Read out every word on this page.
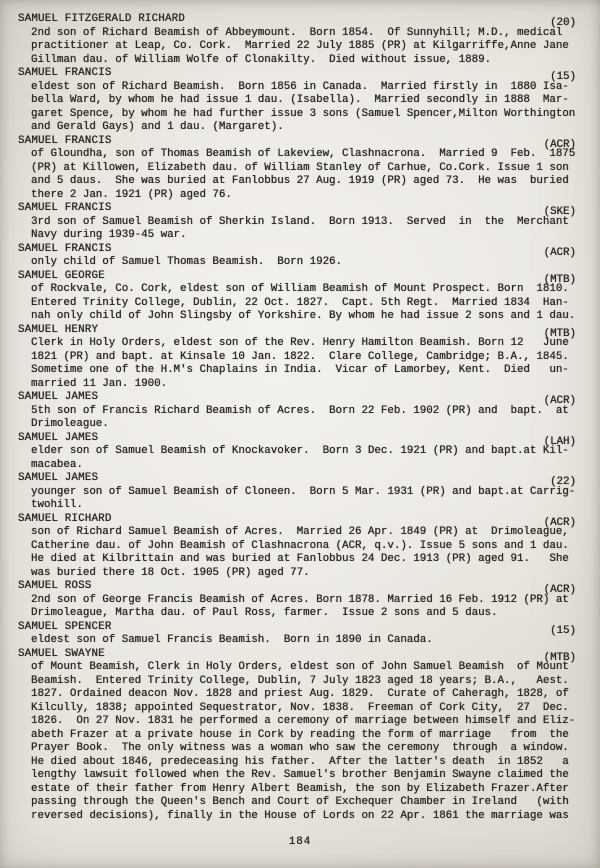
SAMUEL FITZGERALD RICHARD	(20)
2nd son of Richard Beamish of Abbeymount.  Born 1854.  Of Sunnyhill; M.D., medical
practitioner at Leap, Co. Cork.  Married 22 July 1885 (PR) at Kilgarriffe,Anne Jane
Gillman dau. of William Wolfe of Clonakilty.  Died without issue, 1889.
SAMUEL FRANCIS	(15)
eldest son of Richard Beamish.  Born 1856 in Canada.  Married firstly in  1880 Isa-
bella Ward, by whom he had issue 1 dau. (Isabella).  Married secondly in 1888  Mar-
garet Spence, by whom he had further issue 3 sons (Samuel Spencer,Milton Worthington
and Gerald Gays) and 1 dau. (Margaret).
SAMUEL FRANCIS	(ACR)
of Gloundha, son of Thomas Beamish of Lakeview, Clashnacrona.  Married 9  Feb.  1875
(PR) at Killowen, Elizabeth dau. of William Stanley of Carhue, Co.Cork. Issue 1 son
and 5 daus.  She was buried at Fanlobbus 27 Aug. 1919 (PR) aged 73.  He was  buried
there 2 Jan. 1921 (PR) aged 76.
SAMUEL FRANCIS	(SKE)
3rd son of Samuel Beamish of Sherkin Island.  Born 1913.  Served  in  the  Merchant
Navy during 1939-45 war.
SAMUEL FRANCIS	(ACR)
only child of Samuel Thomas Beamish.  Born 1926.
SAMUEL GEORGE	(MTB)
of Rockvale, Co. Cork, eldest son of William Beamish of Mount Prospect. Born  1810.
Entered Trinity College, Dublin, 22 Oct. 1827.  Capt. 5th Regt.  Married 1834  Han-
nah only child of John Slingsby of Yorkshire. By whom he had issue 2 sons and 1 dau.
SAMUEL HENRY	(MTB)
Clerk in Holy Orders, eldest son of the Rev. Henry Hamilton Beamish. Born 12   June
1821 (PR) and bapt. at Kinsale 10 Jan. 1822.  Clare College, Cambridge; B.A., 1845.
Sometime one of the H.M's Chaplains in India.  Vicar of Lamorbey, Kent.  Died   un-
married 11 Jan. 1900.
SAMUEL JAMES	(ACR)
5th son of Francis Richard Beamish of Acres.  Born 22 Feb. 1902 (PR) and  bapt.  at
Drimoleague.
SAMUEL JAMES	(LAH)
elder son of Samuel Beamish of Knockavoker.  Born 3 Dec. 1921 (PR) and bapt.at Kil-
macabea.
SAMUEL JAMES	(22)
younger son of Samuel Beamish of Cloneen.  Born 5 Mar. 1931 (PR) and bapt.at Carrig-
twohill.
SAMUEL RICHARD	(ACR)
son of Richard Samuel Beamish of Acres.  Married 26 Apr. 1849 (PR) at  Drimoleague,
Catherine dau. of John Beamish of Clashnacrona (ACR, q.v.). Issue 5 sons and 1 dau.
He died at Kilbrittain and was buried at Fanlobbus 24 Dec. 1913 (PR) aged 91.   She
was buried there 18 Oct. 1905 (PR) aged 77.
SAMUEL ROSS	(ACR)
2nd son of George Francis Beamish of Acres. Born 1878. Married 16 Feb. 1912 (PR) at
Drimoleague, Martha dau. of Paul Ross, farmer.  Issue 2 sons and 5 daus.
SAMUEL SPENCER	(15)
eldest son of Samuel Francis Beamish.  Born in 1890 in Canada.
SAMUEL SWAYNE	(MTB)
of Mount Beamish, Clerk in Holy Orders, eldest son of John Samuel Beamish  of Mount
Beamish.  Entered Trinity College, Dublin, 7 July 1823 aged 18 years; B.A.,   Aest.
1827. Ordained deacon Nov. 1828 and priest Aug. 1829.  Curate of Caheragh, 1828, of
Kilcully, 1838; appointed Sequestrator, Nov. 1838.  Freeman of Cork City,  27  Dec.
1826.  On 27 Nov. 1831 he performed a ceremony of marriage between himself and Eliz-
abeth Frazer at a private house in Cork by reading the form of marriage   from  the
Prayer Book.  The only witness was a woman who saw the ceremony  through  a window.
He died about 1846, predeceasing his father.  After the latter's death  in 1852   a
lengthy lawsuit followed when the Rev. Samuel's brother Benjamin Swayne claimed the
estate of their father from Henry Albert Beamish, the son by Elizabeth Frazer.After
passing through the Queen's Bench and Court of Exchequer Chamber in Ireland   (with
reversed decisions), finally in the House of Lords on 22 Apr. 1861 the marriage was
184
